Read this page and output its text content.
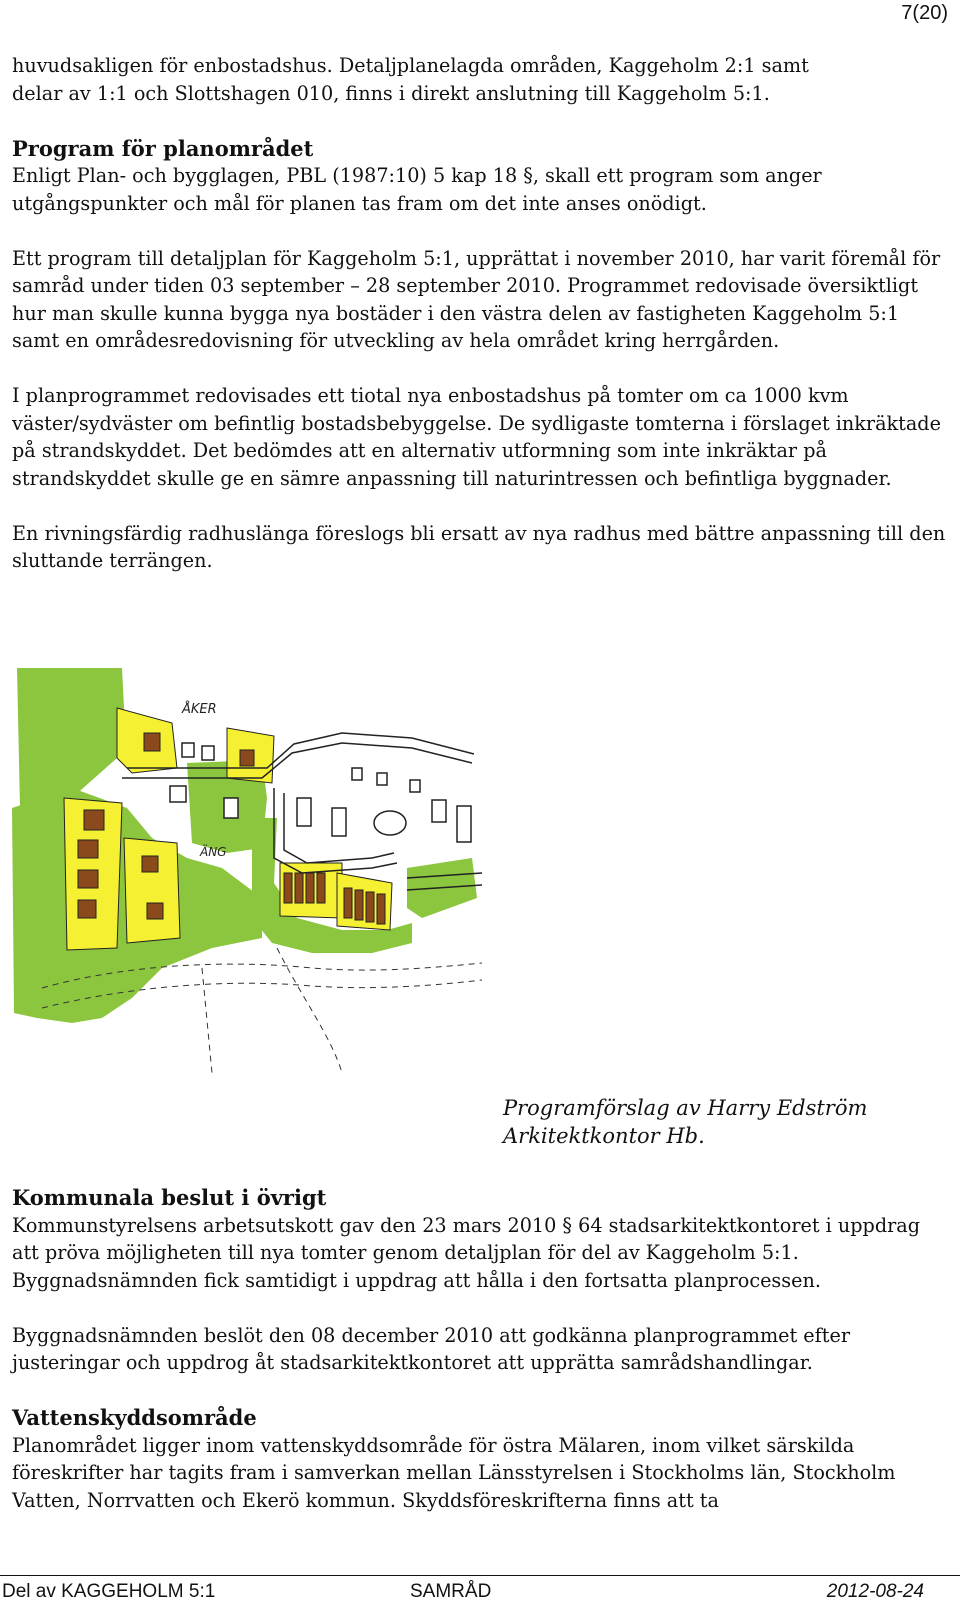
7(20)

huvudsakligen för enbostadshus. Detaljplanelagda områden, Kaggeholm 2:1 samt
delar av 1:1 och Slottshagen 010, finns i direkt anslutning till Kaggeholm 5:1.

Program för planområdet

Enligt Plan- och bygglagen, PBL (1987:10) 5 kap 18 §, skall ett program som anger utgångspunkter och mål för planen tas fram om det inte anses onödigt.

Ett program till detaljplan för Kaggeholm 5:1, upprättat i november 2010, har varit föremål för samråd under tiden 03 september – 28 september 2010. Programmet redovisade översiktligt hur man skulle kunna bygga nya bostäder i den västra delen av fastigheten Kaggeholm 5:1 samt en områdesredovisning för utveckling av hela området kring herrgården.

I planprogrammet redovisades ett tiotal nya enbostadshus på tomter om ca 1000 kvm väster/sydväster om befintlig bostadsbebyggelse. De sydligaste tomterna i förslaget inkräktade på strandskyddet. Det bedömdes att en alternativ utformning som inte inkräktar på strandskyddet skulle ge en sämre anpassning till naturintressen och befintliga byggnader.

En rivningsfärdig radhuslänga föreslogs bli ersatt av nya radhus med bättre anpassning till den sluttande terrängen.

ÅKER
ÄNG
Programförslag av Harry Edström
Arkitektkontor Hb.
Kommunala beslut i övrigt

Kommunstyrelsens arbetsutskott gav den 23 mars 2010 § 64 stadsarkitektkontoret i uppdrag att pröva möjligheten till nya tomter genom detaljplan för del av Kaggeholm 5:1. Byggnadsnämnden fick samtidigt i uppdrag att hålla i den fortsatta planprocessen.

Byggnadsnämnden beslöt den 08 december 2010 att godkänna planprogrammet efter justeringar och uppdrog åt stadsarkitektkontoret att upprätta samrådshandlingar.

Vattenskyddsområde

Planområdet ligger inom vattenskyddsområde för östra Mälaren, inom vilket särskilda föreskrifter har tagits fram i samverkan mellan Länsstyrelsen i Stockholms län, Stockholm Vatten, Norrvatten och Ekerö kommun. Skyddsföreskrifterna finns att ta

Del av KAGGEHOLM 5:1	SAMRÅD	2012-08-24
